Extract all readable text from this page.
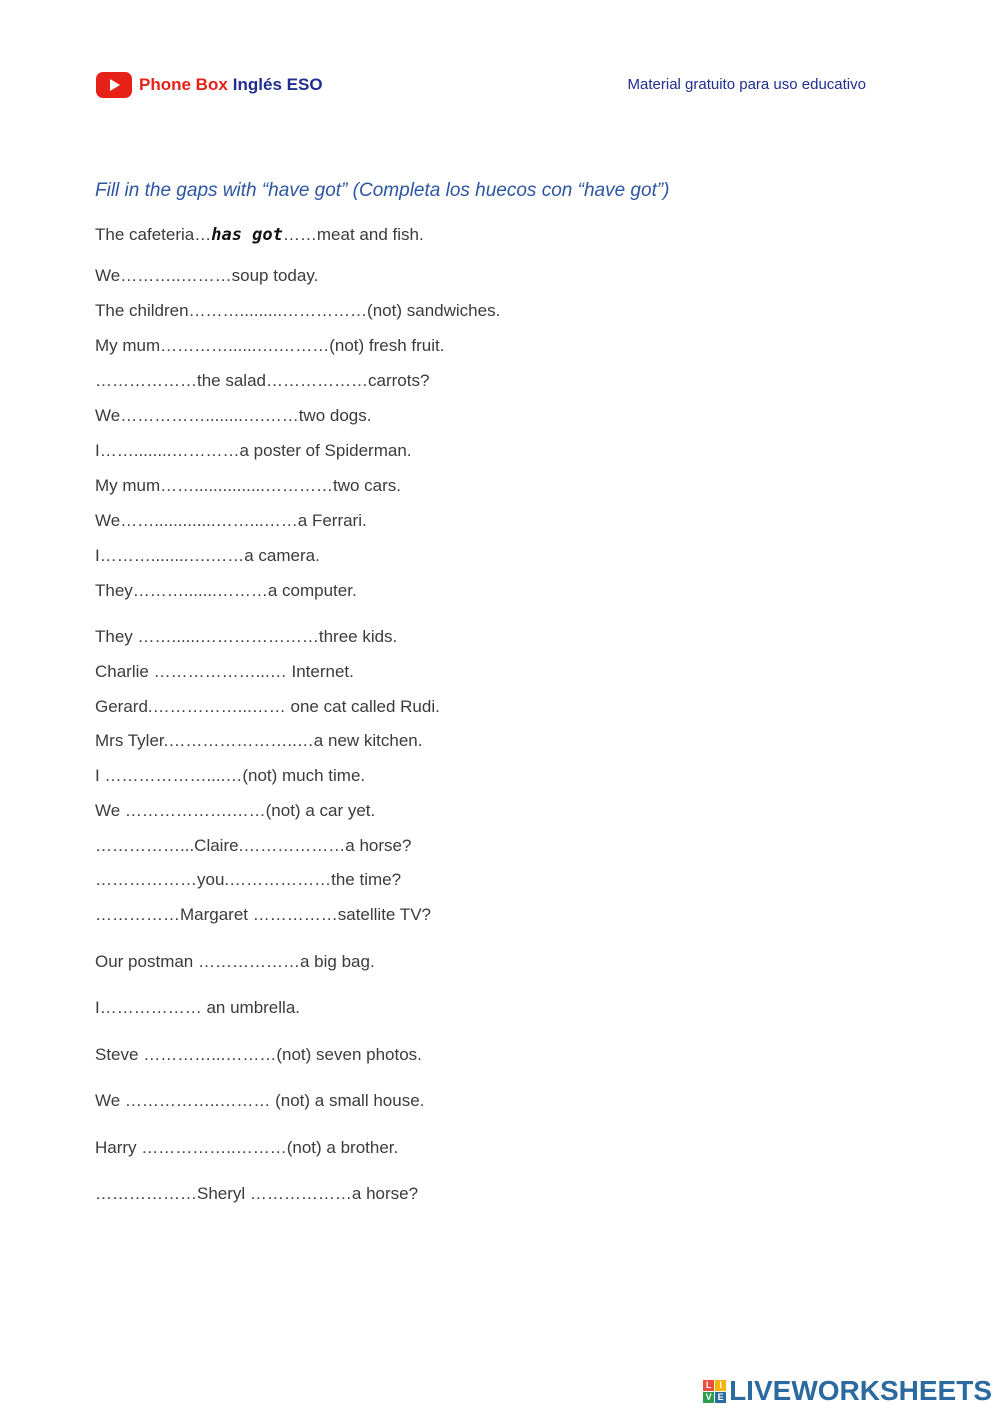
Phone Box Inglés ESO	Material gratuito para uso educativo
Fill in the gaps with “have got” (Completa los huecos con “have got”)
The cafeteria…has got……meat and fish.
We………..………soup today.
The children……….........……………(not) sandwiches.
My mum…………......….………(not) fresh fruit.
………………the salad………………carrots?
We……………........….……two dogs.
I……........…………a poster of Spiderman.
My mum……...............…………two cars.
We…….............……...……a Ferrari.
I………........….……a camera.
They……….......………a computer.
They ……......…………………three kids.
Charlie ………………...… Internet.
Gerard.……………...…… one cat called Rudi.
Mrs Tyler.…………………..…a new kitchen.
I ………………....…(not) much time.
We ……………….……(not) a car yet.
……………...Claire.………………a horse?
………………you.………………the time?
……………Margaret ……………satellite TV?
Our postman ………………a big bag.
I……………… an umbrella.
Steve …………...………(not) seven photos.
We ……………..……… (not) a small house.
Harry ……………..………(not) a brother.
………………Sheryl ………………a horse?
L I
V E LIVEWORKSHEETS
